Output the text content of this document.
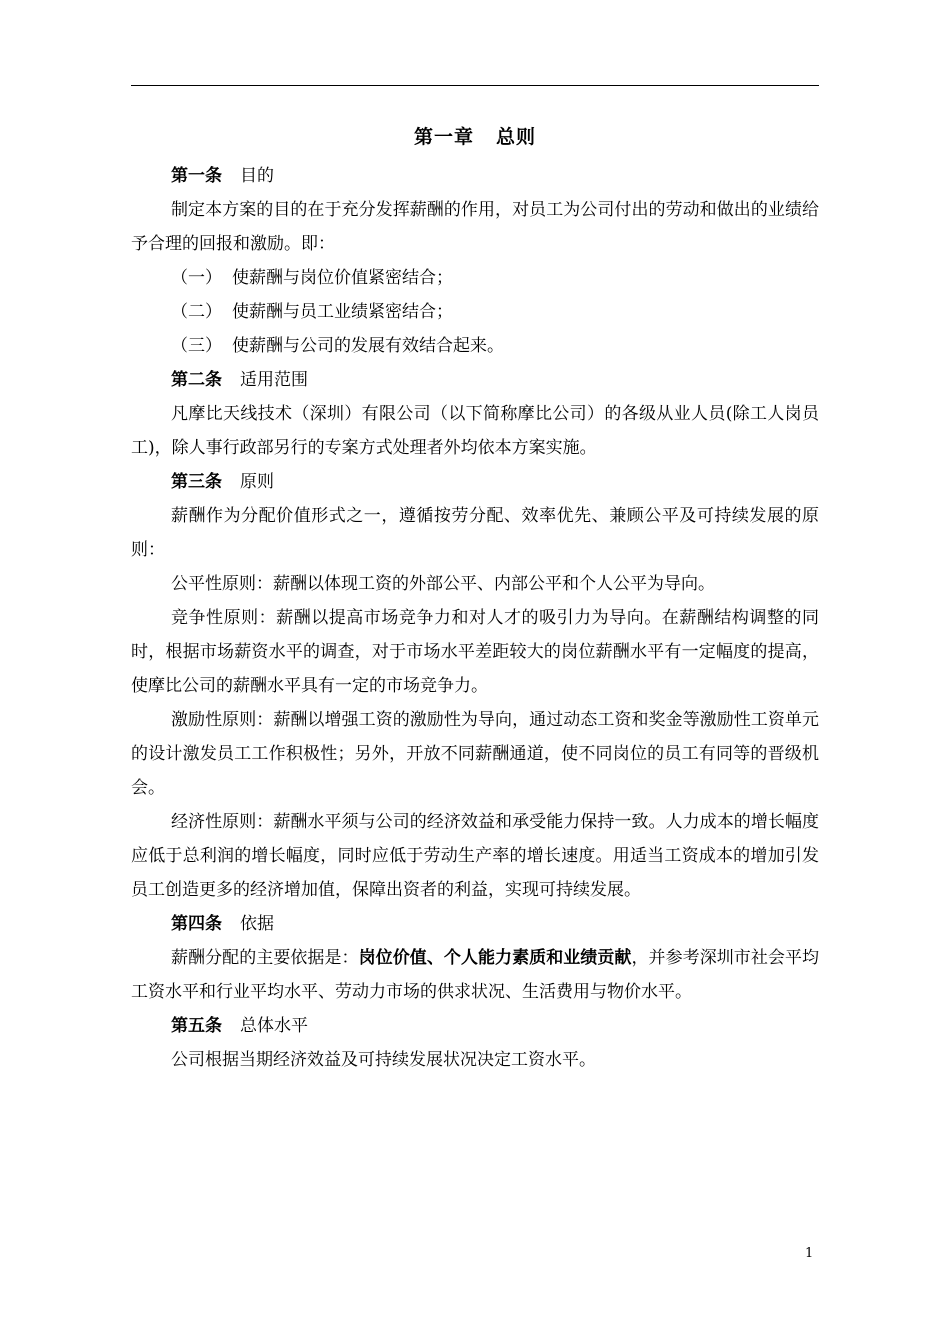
第一章 总则
第一条 目的

制定本方案的目的在于充分发挥薪酬的作用，对员工为公司付出的劳动和做出的业绩给予合理的回报和激励。即：

（一） 使薪酬与岗位价值紧密结合；

（二） 使薪酬与员工业绩紧密结合；

（三） 使薪酬与公司的发展有效结合起来。

第二条 适用范围

凡摩比天线技术（深圳）有限公司（以下简称摩比公司）的各级从业人员(除工人岗员工)，除人事行政部另行的专案方式处理者外均依本方案实施。

第三条 原则

薪酬作为分配价值形式之一，遵循按劳分配、效率优先、兼顾公平及可持续发展的原则：

公平性原则：薪酬以体现工资的外部公平、内部公平和个人公平为导向。

竞争性原则：薪酬以提高市场竞争力和对人才的吸引力为导向。在薪酬结构调整的同时，根据市场薪资水平的调查，对于市场水平差距较大的岗位薪酬水平有一定幅度的提高，使摩比公司的薪酬水平具有一定的市场竞争力。

激励性原则：薪酬以增强工资的激励性为导向，通过动态工资和奖金等激励性工资单元的设计激发员工工作积极性；另外，开放不同薪酬通道，使不同岗位的员工有同等的晋级机会。

经济性原则：薪酬水平须与公司的经济效益和承受能力保持一致。人力成本的增长幅度应低于总利润的增长幅度，同时应低于劳动生产率的增长速度。用适当工资成本的增加引发员工创造更多的经济增加值，保障出资者的利益，实现可持续发展。

第四条 依据

薪酬分配的主要依据是：岗位价值、个人能力素质和业绩贡献，并参考深圳市社会平均工资水平和行业平均水平、劳动力市场的供求状况、生活费用与物价水平。

第五条 总体水平

公司根据当期经济效益及可持续发展状况决定工资水平。

1
